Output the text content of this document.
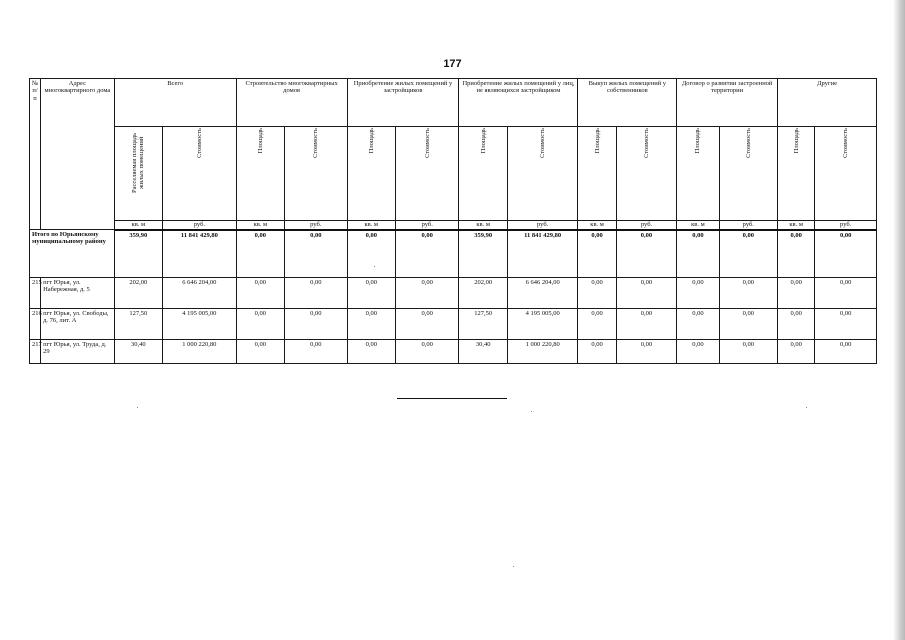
177
№ п/п	Адрес многоквартирного дома	Всего		Строительство многоквартирных домов		Приобретение жилых помещений у застройщиков		Приобретение жилых помещений у лиц, не являющихся застройщиком		Выкуп жилых помещений у собственников		Договор о развитии застроенной территории		Другие	
		Расселяемая площадь жилых помещений	Стоимость	Площадь	Стоимость	Площадь	Стоимость	Площадь	Стоимость	Площадь	Стоимость	Площадь	Стоимость	Площадь	Стоимость
		кв. м	руб.	кв. м	руб.	кв. м	руб.	кв. м	руб.	кв. м	руб.	кв. м	руб.	кв. м	руб.
Итого по Юрьянскому муниципальному району		359,90	11 841 429,80	0,00	0,00	0,00	0,00	359,90	11 841 429,80	0,00	0,00	0,00	0,00	0,00	0,00
215	пгт Юрья, ул. Набережная, д. 5	202,00	6 646 204,00	0,00	0,00	0,00	0,00	202,00	6 646 204,00	0,00	0,00	0,00	0,00	0,00	0,00
216	пгт Юрья, ул. Свободы, д. 76, лит. А	127,50	4 195 005,00	0,00	0,00	0,00	0,00	127,50	4 195 005,00	0,00	0,00	0,00	0,00	0,00	0,00
217	пгт Юрья, ул. Труда, д. 29	30,40	1 000 220,80	0,00	0,00	0,00	0,00	30,40	1 000 220,80	0,00	0,00	0,00	0,00	0,00	0,00
